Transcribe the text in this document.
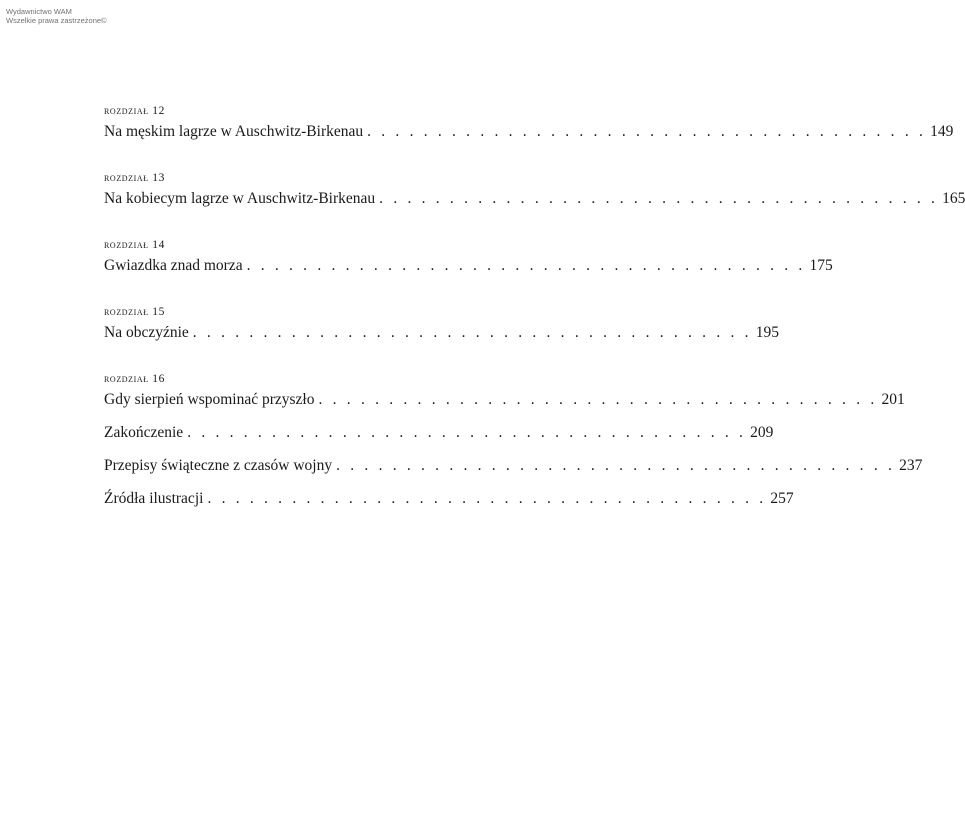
Wydawnictwo WAM
Wszelkie prawa zastrzeżone©
rozdział 12
Na męskim lagrze w Auschwitz-Birkenau . . . . . . . . . . . . . . . . . . . . . . . . . . . . . . . . . . . . . . . . 149
rozdział 13
Na kobiecym lagrze w Auschwitz-Birkenau . . . . . . . . . . . . . . . . . . . . . . . . . . . . . . . . . . . . . . . . 165
rozdział 14
Gwiazdka znad morza . . . . . . . . . . . . . . . . . . . . . . . . . . . . . . . . . . . . . . . . 175
rozdział 15
Na obczyźnie . . . . . . . . . . . . . . . . . . . . . . . . . . . . . . . . . . . . . . . . 195
rozdział 16
Gdy sierpień wspominać przyszło . . . . . . . . . . . . . . . . . . . . . . . . . . . . . . . . . . . . . . . . 201
Zakończenie . . . . . . . . . . . . . . . . . . . . . . . . . . . . . . . . . . . . . . . . 209
Przepisy świąteczne z czasów wojny . . . . . . . . . . . . . . . . . . . . . . . . . . . . . . . . . . . . . . . . 237
Źródła ilustracji . . . . . . . . . . . . . . . . . . . . . . . . . . . . . . . . . . . . . . . . 257
